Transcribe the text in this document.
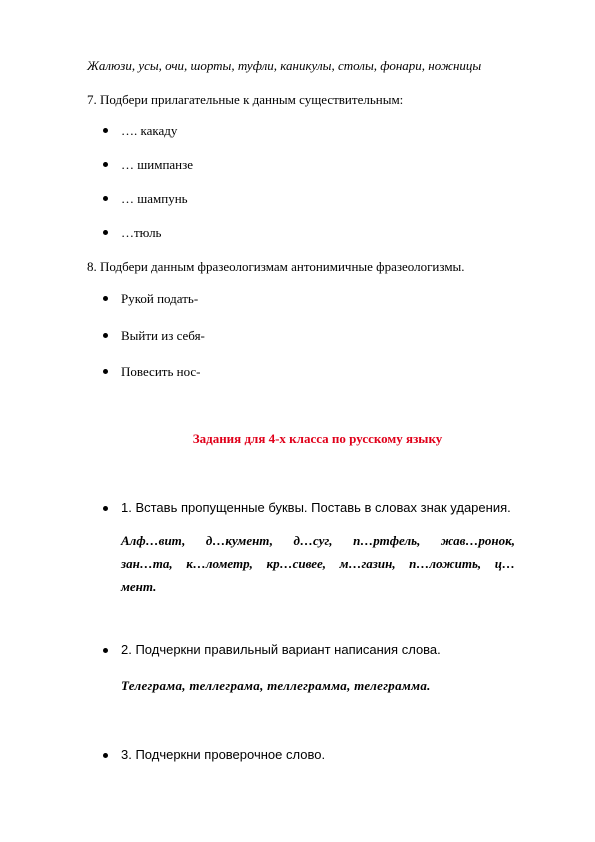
Жалюзи, усы, очи, шорты, туфли, каникулы, столы, фонари, ножницы
7. Подбери прилагательные к данным существительным:
…. какаду
… шимпанзе
… шампунь
…тюль
8. Подбери данным фразеологизмам антонимичные фразеологизмы.
Рукой подать-
Выйти из себя-
Повесить нос-
Задания для 4-х класса по русскому языку
1. Вставь пропущенные буквы. Поставь в словах знак ударения.
Алф…вит, д…кумент, д…суг, п…ртфель, жав…ронок,
зан…та, к…лометр, кр…сивее, м…газин, п…ложить, ц…
мент.
2. Подчеркни правильный вариант написания слова.
Телеграма, теллеграма, теллеграмма, телеграмма.
3. Подчеркни проверочное слово.
